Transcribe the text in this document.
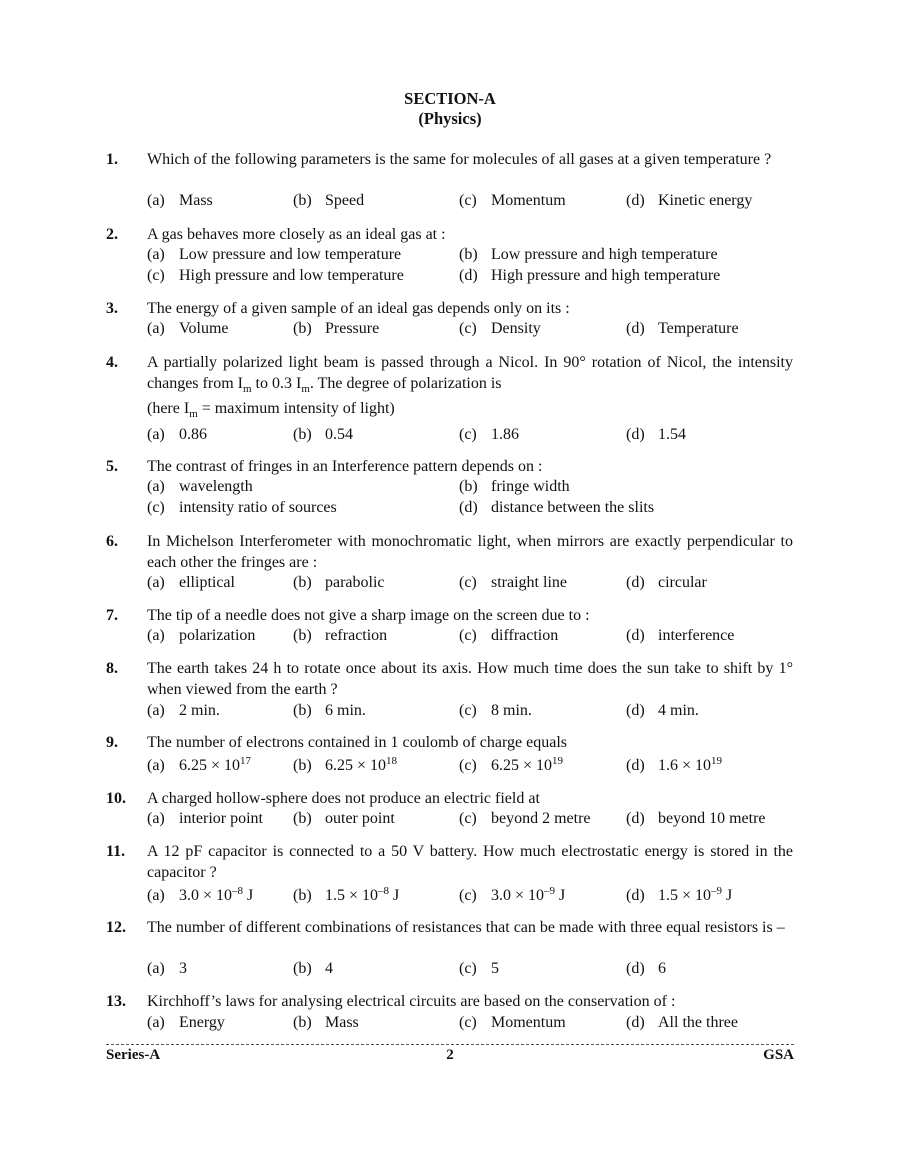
SECTION-A
(Physics)
1. Which of the following parameters is the same for molecules of all gases at a given temperature ?
(a) Mass	(b) Speed	(c) Momentum	(d) Kinetic energy
2. A gas behaves more closely as an ideal gas at :
(a) Low pressure and low temperature	(b) Low pressure and high temperature
(c) High pressure and low temperature	(d) High pressure and high temperature
3. The energy of a given sample of an ideal gas depends only on its :
(a) Volume	(b) Pressure	(c) Density	(d) Temperature
4. A partially polarized light beam is passed through a Nicol. In 90° rotation of Nicol, the intensity changes from $I_m$ to 0.3 $I_m$. The degree of polarization is
(here $I_m$ = maximum intensity of light)
(a) 0.86	(b) 0.54	(c) 1.86	(d) 1.54
5. The contrast of fringes in an Interference pattern depends on :
(a) wavelength	(b) fringe width
(c) intensity ratio of sources	(d) distance between the slits
6. In Michelson Interferometer with monochromatic light, when mirrors are exactly perpendicular to each other the fringes are :
(a) elliptical	(b) parabolic	(c) straight line	(d) circular
7. The tip of a needle does not give a sharp image on the screen due to :
(a) polarization (b) refraction	(c) diffraction	(d) interference
8. The earth takes 24 h to rotate once about its axis. How much time does the sun take to shift by 1° when viewed from the earth ?
(a) 2 min.	(b) 6 min.	(c) 8 min.	(d) 4 min.
9. The number of electrons contained in 1 coulomb of charge equals
(a) $6.25 \times 10^{17}$	(b) $6.25 \times 10^{18}$	(c) $6.25 \times 10^{19}$	(d) $1.6 \times 10^{19}$
10. A charged hollow-sphere does not produce an electric field at
(a) interior point (b) outer point	(c) beyond 2 metre (d) beyond 10 metre
11. A 12 pF capacitor is connected to a 50 V battery. How much electrostatic energy is stored in the capacitor ?
(a) $3.0 \times 10^{-8}$ J (b) $1.5 \times 10^{-8}$ J	(c) $3.0 \times 10^{-9}$ J	(d) $1.5 \times 10^{-9}$ J
12. The number of different combinations of resistances that can be made with three equal resistors is –
(a) 3	(b) 4	(c) 5	(d) 6
13. Kirchhoff’s laws for analysing electrical circuits are based on the conservation of :
(a) Energy	(b) Mass	(c) Momentum	(d) All the three
Series-A	2	GSA
